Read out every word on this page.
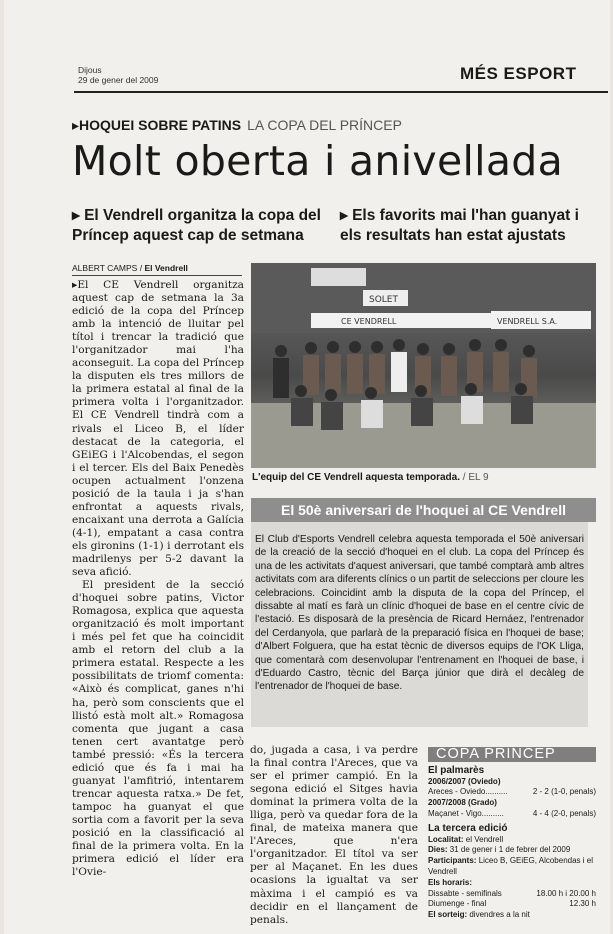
Dijous
29 de gener del 2009	MÉS ESPORT
▸HOQUEI SOBRE PATINS LA COPA DEL PRÍNCEP
Molt oberta i anivellada
▸ El Vendrell organitza la copa del Príncep aquest cap de setmana
▸ Els favorits mai l'han guanyat i els resultats han estat ajustats
ALBERT CAMPS / El Vendrell

▸El CE Vendrell organitza aquest cap de setmana la 3a edició de la copa del Príncep amb la intenció de lluitar pel títol i trencar la tradició que l'organitzador mai l'ha aconseguit. La copa del Príncep la disputen els tres millors de la primera estatal al final de la primera volta i l'organitzador. El CE Vendrell tindrà com a rivals el Liceo B, el líder destacat de la categoria, el GEiEG i l'Alcobendas, el segon i el tercer. Els del Baix Penedès ocupen actualment l'onzena posició de la taula i ja s'han enfrontat a aquests rivals, encaixant una derrota a Galícia (4-1), empatant a casa contra els gironins (1-1) i derrotant els madrilenys per 5-2 davant la seva afició.

El president de la secció d'hoquei sobre patins, Victor Romagosa, explica que aquesta organització és molt important i més pel fet que ha coincidit amb el retorn del club a la primera estatal. Respecte a les possibilitats de triomf comenta: «Això és complicat, ganes n'hi ha, però som conscients que el llistó està molt alt.» Romagosa comenta que jugant a casa tenen cert avantatge però també pressió: «És la tercera edició que és fa i mai ha guanyat l'amfitrió, intentarem trencar aquesta ratxa.» De fet, tampoc ha guanyat el que sortia com a favorit per la seva posició en la classificació al final de la primera volta. En la primera edició el líder era l'Ovie-

do, jugada a casa, i va perdre la final contra l'Areces, que va ser el primer campió. En la segona edició el Sitges havia dominat la primera volta de la lliga, però va quedar fora de la final, de mateixa manera que l'Areces, que n'era l'organitzador. El títol va ser per al Maçanet. En les dues ocasions la igualtat va ser màxima i el campió es va decidir en el llançament de penals.
SOLET
CE VENDRELL	VENDRELL S.A.
L'equip del CE Vendrell aquesta temporada. / EL 9
El 50è aniversari de l'hoquei al CE Vendrell
El Club d'Esports Vendrell celebra aquesta temporada el 50è aniversari de la creació de la secció d'hoquei en el club. La copa del Príncep és una de les activitats d'aquest aniversari, que també comptarà amb altres activitats com ara diferents clínics o un partit de seleccions per cloure les celebracions. Coincidint amb la disputa de la copa del Príncep, el dissabte al matí es farà un clínic d'hoquei de base en el centre cívic de l'estació. Es disposarà de la presència de Ricard Hernáez, l'entrenador del Cerdanyola, que parlarà de la preparació física en l'hoquei de base; d'Albert Folguera, que ha estat tècnic de diversos equips de l'OK Lliga, que comentarà com desenvolupar l'entrenament en l'hoquei de base, i d'Eduardo Castro, tècnic del Barça júnior que dirà el decàleg de l'entrenador de l'hoquei de base.
COPA PRINCEP
El palmarès
2006/2007 (Oviedo)
Areces - Oviedo..........	2 - 2 (1-0, penals)
2007/2008 (Grado)
Maçanet - Vigo..........	4 - 4 (2-0, penals)
La tercera edició
Localitat: el Vendrell
Dies: 31 de gener i 1 de febrer del 2009
Participants: Liceo B, GEiEG, Alcobendas i el Vendrell
Els horaris:
Dissabte - semifinals	18.00 h i 20.00 h
Diumenge - final	12.30 h
El sorteig: divendres a la nit
